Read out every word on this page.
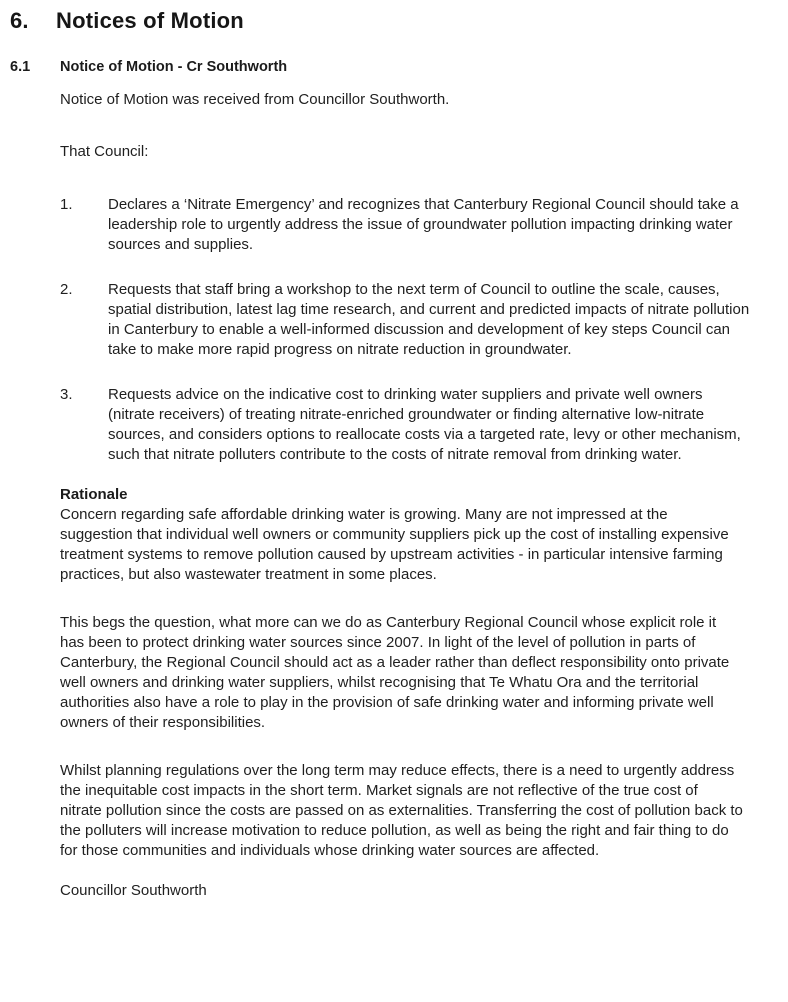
6.	Notices of Motion
6.1	Notice of Motion - Cr Southworth

Notice of Motion was received from Councillor Southworth.

That Council:

1.	Declares a ‘Nitrate Emergency’ and recognizes that Canterbury Regional Council should take a leadership role to urgently address the issue of groundwater pollution impacting drinking water sources and supplies.
2.	Requests that staff bring a workshop to the next term of Council to outline the scale, causes, spatial distribution, latest lag time research, and current and predicted impacts of nitrate pollution in Canterbury to enable a well-informed discussion and development of key steps Council can take to make more rapid progress on nitrate reduction in groundwater.
3.	Requests advice on the indicative cost to drinking water suppliers and private well owners (nitrate receivers) of treating nitrate-enriched groundwater or finding alternative low-nitrate sources, and considers options to reallocate costs via a targeted rate, levy or other mechanism, such that nitrate polluters contribute to the costs of nitrate removal from drinking water.

Rationale

Concern regarding safe affordable drinking water is growing. Many are not impressed at the suggestion that individual well owners or community suppliers pick up the cost of installing expensive treatment systems to remove pollution caused by upstream activities - in particular intensive farming practices, but also wastewater treatment in some places.

This begs the question, what more can we do as Canterbury Regional Council whose explicit role it has been to protect drinking water sources since 2007. In light of the level of pollution in parts of Canterbury, the Regional Council should act as a leader rather than deflect responsibility onto private well owners and drinking water suppliers, whilst recognising that Te Whatu Ora and the territorial authorities also have a role to play in the provision of safe drinking water and informing private well owners of their responsibilities.

Whilst planning regulations over the long term may reduce effects, there is a need to urgently address the inequitable cost impacts in the short term. Market signals are not reflective of the true cost of nitrate pollution since the costs are passed on as externalities. Transferring the cost of pollution back to the polluters will increase motivation to reduce pollution, as well as being the right and fair thing to do for those communities and individuals whose drinking water sources are affected.

Councillor Southworth
